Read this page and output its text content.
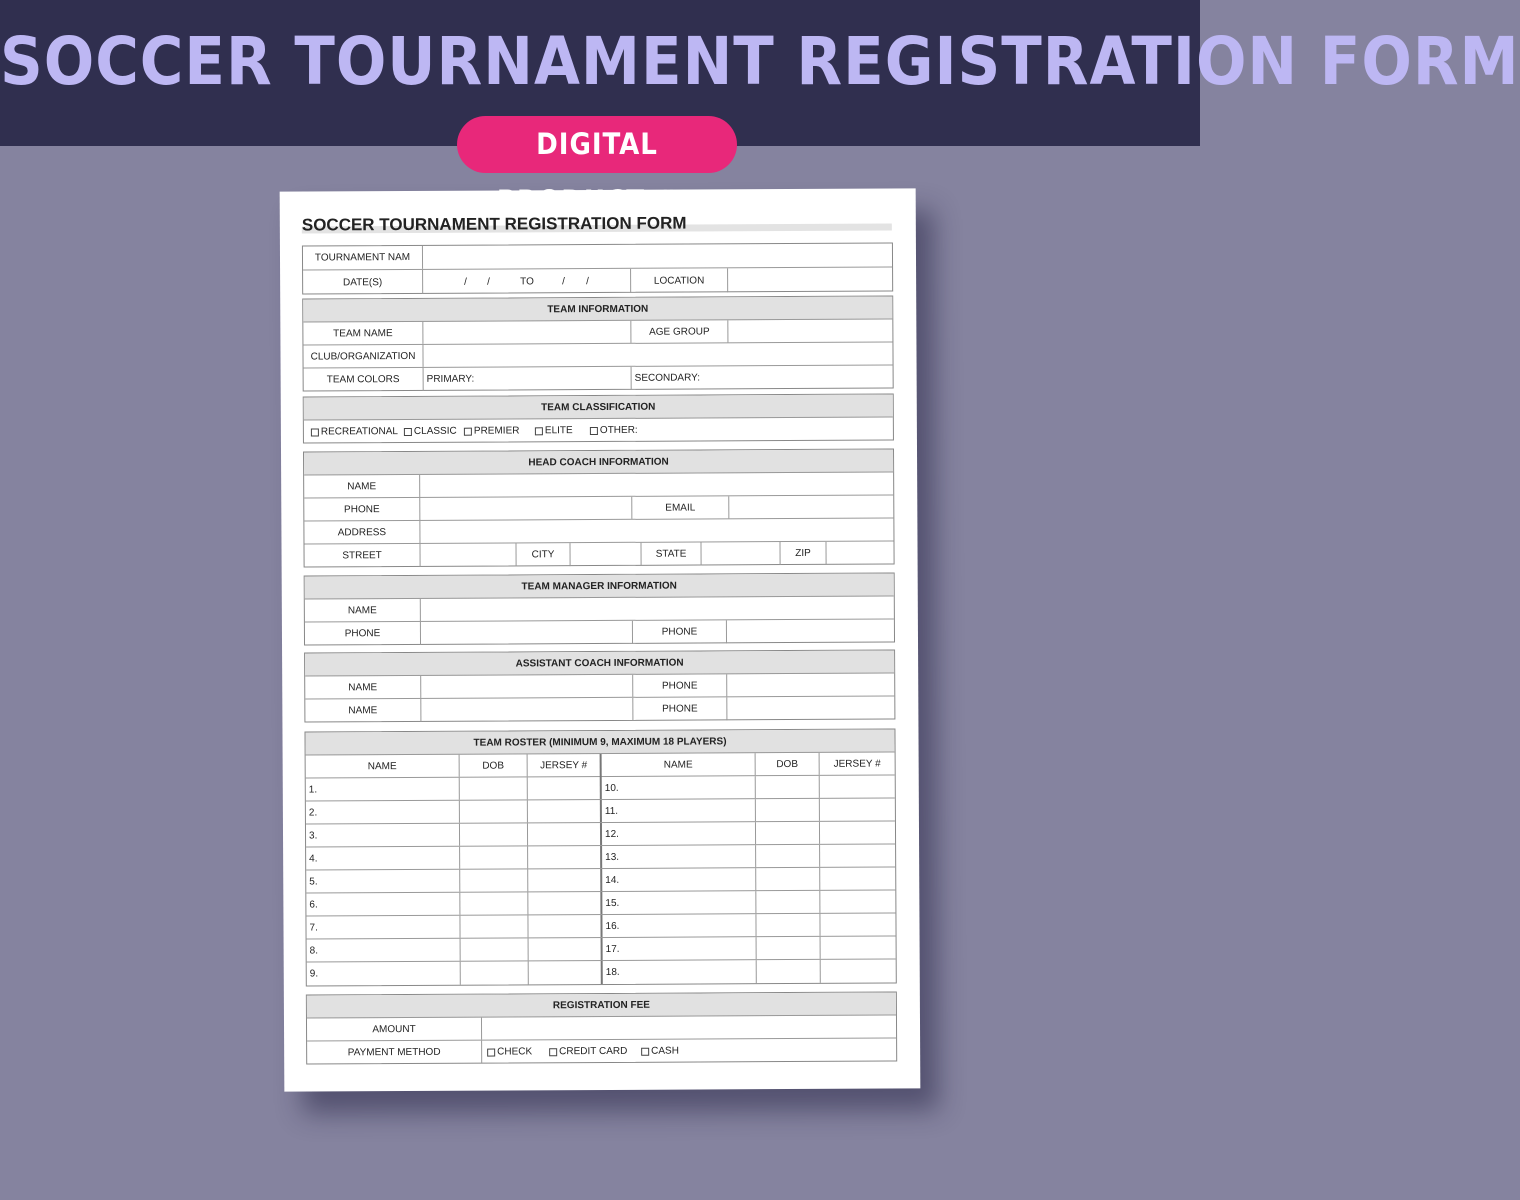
SOCCER TOURNAMENT REGISTRATION FORM
DIGITAL
SOCCER TOURNAMENT REGISTRATION FORM
TOURNAMENT NAM
DATE(S)	/ /	TO	/ /	LOCATION
TEAM INFORMATION
TEAM NAME	AGE GROUP
CLUB/ORGANIZATION
TEAM COLORS	PRIMARY:	SECONDARY:
TEAM CLASSIFICATION
RECREATIONAL CLASSIC PREMIER	ELITE	OTHER:
HEAD COACH INFORMATION
NAME
PHONE	EMAIL
ADDRESS
STREET	CITY	STATE	ZIP
TEAM MANAGER INFORMATION
NAME
PHONE	PHONE
ASSISTANT COACH INFORMATION
NAME	PHONE
NAME	PHONE
TEAM ROSTER (MINIMUM 9, MAXIMUM 18 PLAYERS)
NAME	DOB	JERSEY #	NAME	DOB	JERSEY #
1.	10.
2.	11.
3.	12.
4.	13.
5.	14.
6.	15.
7.	16.
8.	17.
9.	18.
REGISTRATION FEE
AMOUNT
PAYMENT METHOD	CHECK	CREDIT CARD CASH
